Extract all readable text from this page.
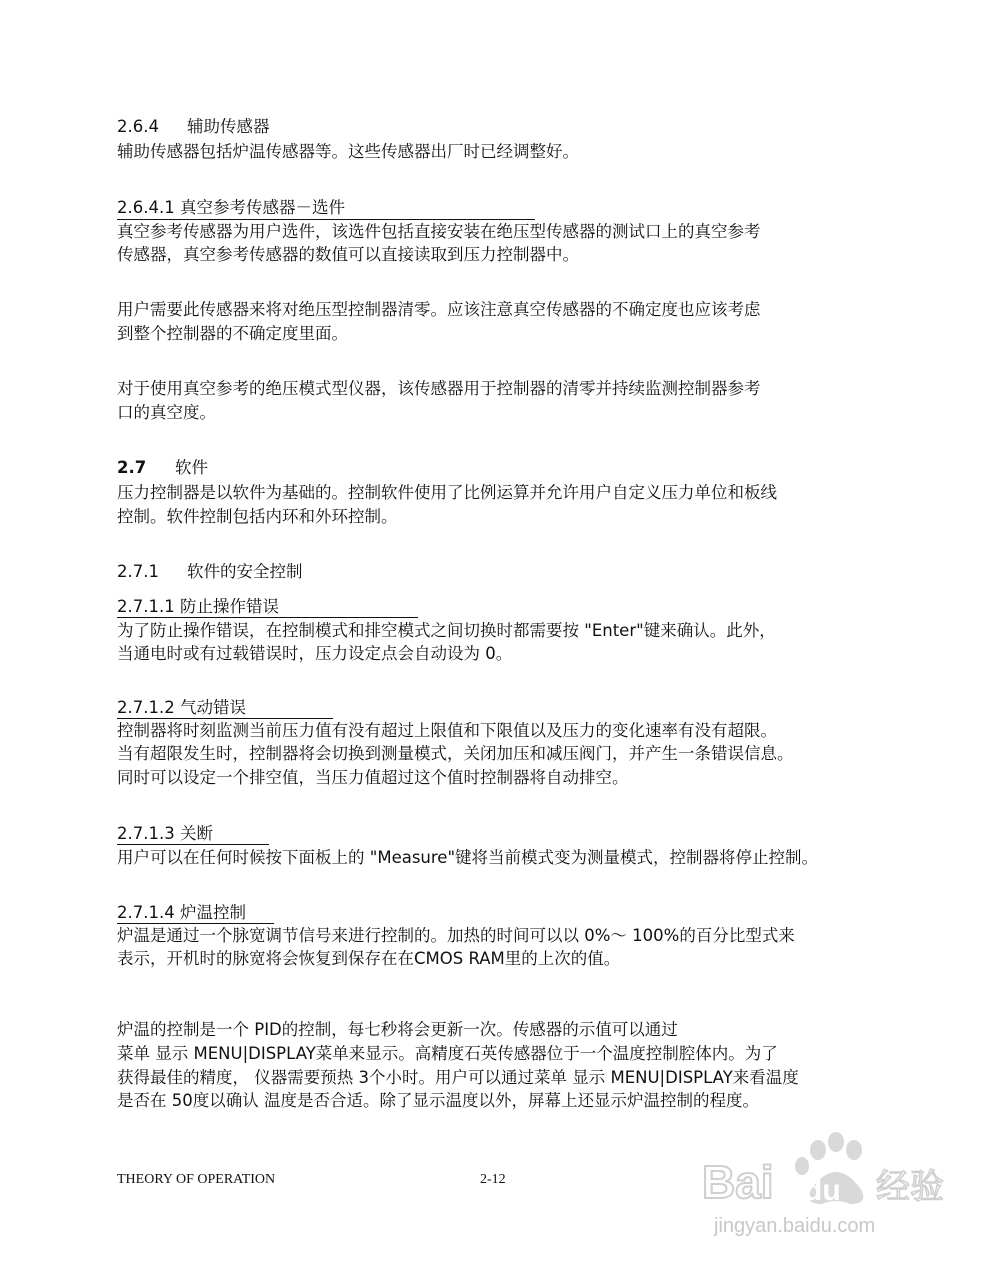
2.6.4 辅助传感器

辅助传感器包括炉温传感器等。这些传感器出厂时已经调整好。

2.6.4.1 真空参考传感器－选件

真空参考传感器为用户选件，该选件包括直接安装在绝压型传感器的测试口上的真空参考

传感器，真空参考传感器的数值可以直接读取到压力控制器中。

用户需要此传感器来将对绝压型控制器清零。应该注意真空传感器的不确定度也应该考虑

到整个控制器的不确定度里面。

对于使用真空参考的绝压模式型仪器，该传感器用于控制器的清零并持续监测控制器参考

口的真空度。

2.7 软件

压力控制器是以软件为基础的。控制软件使用了比例运算并允许用户自定义压力单位和板线

控制。软件控制包括内环和外环控制。

2.7.1 软件的安全控制

2.7.1.1 防止操作错误

为了防止操作错误，在控制模式和排空模式之间切换时都需要按 "Enter"键来确认。此外，

当通电时或有过载错误时，压力设定点会自动设为 0。

2.7.1.2 气动错误

控制器将时刻监测当前压力值有没有超过上限值和下限值以及压力的变化速率有没有超限。

当有超限发生时，控制器将会切换到测量模式，关闭加压和减压阀门，并产生一条错误信息。

同时可以设定一个排空值，当压力值超过这个值时控制器将自动排空。

2.7.1.3 关断

用户可以在任何时候按下面板上的 "Measure"键将当前模式变为测量模式，控制器将停止控制。

2.7.1.4 炉温控制

炉温是通过一个脉宽调节信号来进行控制的。加热的时间可以以 0%～ 100%的百分比型式来

表示，开机时的脉宽将会恢复到保存在在CMOS RAM里的上次的值。

炉温的控制是一个 PID的控制，每七秒将会更新一次。传感器的示值可以通过

菜单 显示 MENU|DISPLAY菜单来显示。高精度石英传感器位于一个温度控制腔体内。为了

获得最佳的精度， 仪器需要预热 3个小时。用户可以通过菜单 显示 MENU|DISPLAY来看温度

是否在 50度以确认 温度是否合适。除了显示温度以外，屏幕上还显示炉温控制的程度。

THEORY OF OPERATION	2-12	Bai du 经验
jingyan.baidu.com
